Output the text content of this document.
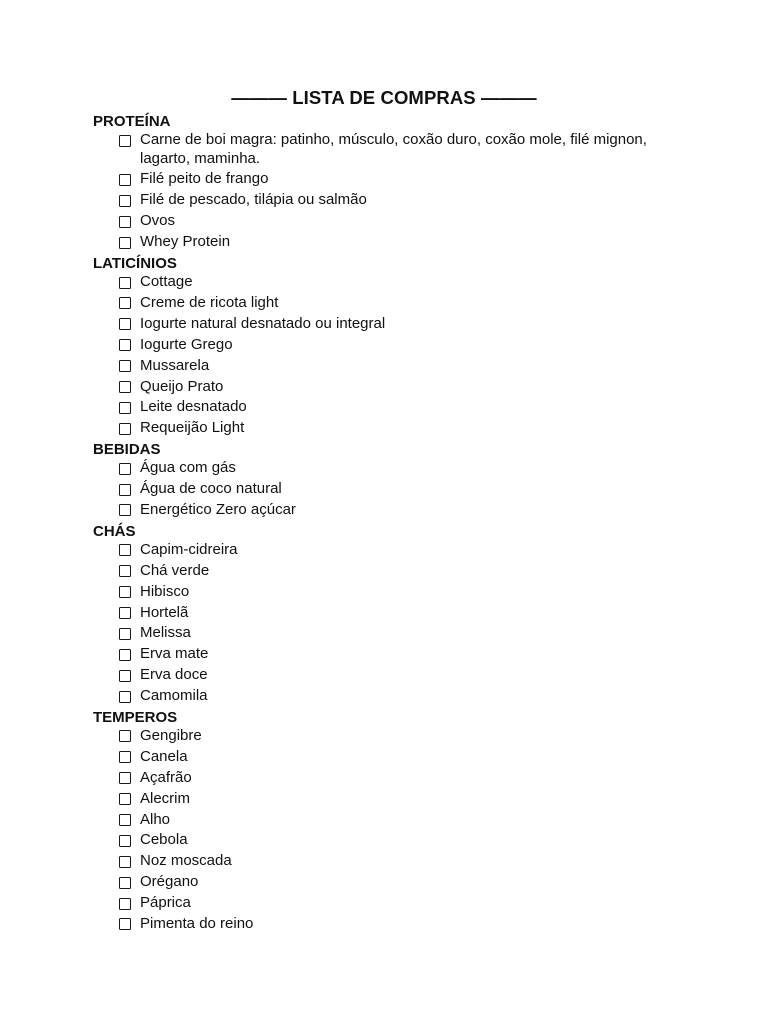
——— LISTA DE COMPRAS ———
PROTEÍNA
Carne de boi magra: patinho, músculo, coxão duro, coxão mole, filé mignon, lagarto, maminha.
Filé peito de frango
Filé de pescado, tilápia ou salmão
Ovos
Whey Protein
LATICÍNIOS
Cottage
Creme de ricota light
Iogurte natural desnatado ou integral
Iogurte Grego
Mussarela
Queijo Prato
Leite desnatado
Requeijão Light
BEBIDAS
Água com gás
Água de coco natural
Energético Zero açúcar
CHÁS
Capim-cidreira
Chá verde
Hibisco
Hortelã
Melissa
Erva mate
Erva doce
Camomila
TEMPEROS
Gengibre
Canela
Açafrão
Alecrim
Alho
Cebola
Noz moscada
Orégano
Páprica
Pimenta do reino
